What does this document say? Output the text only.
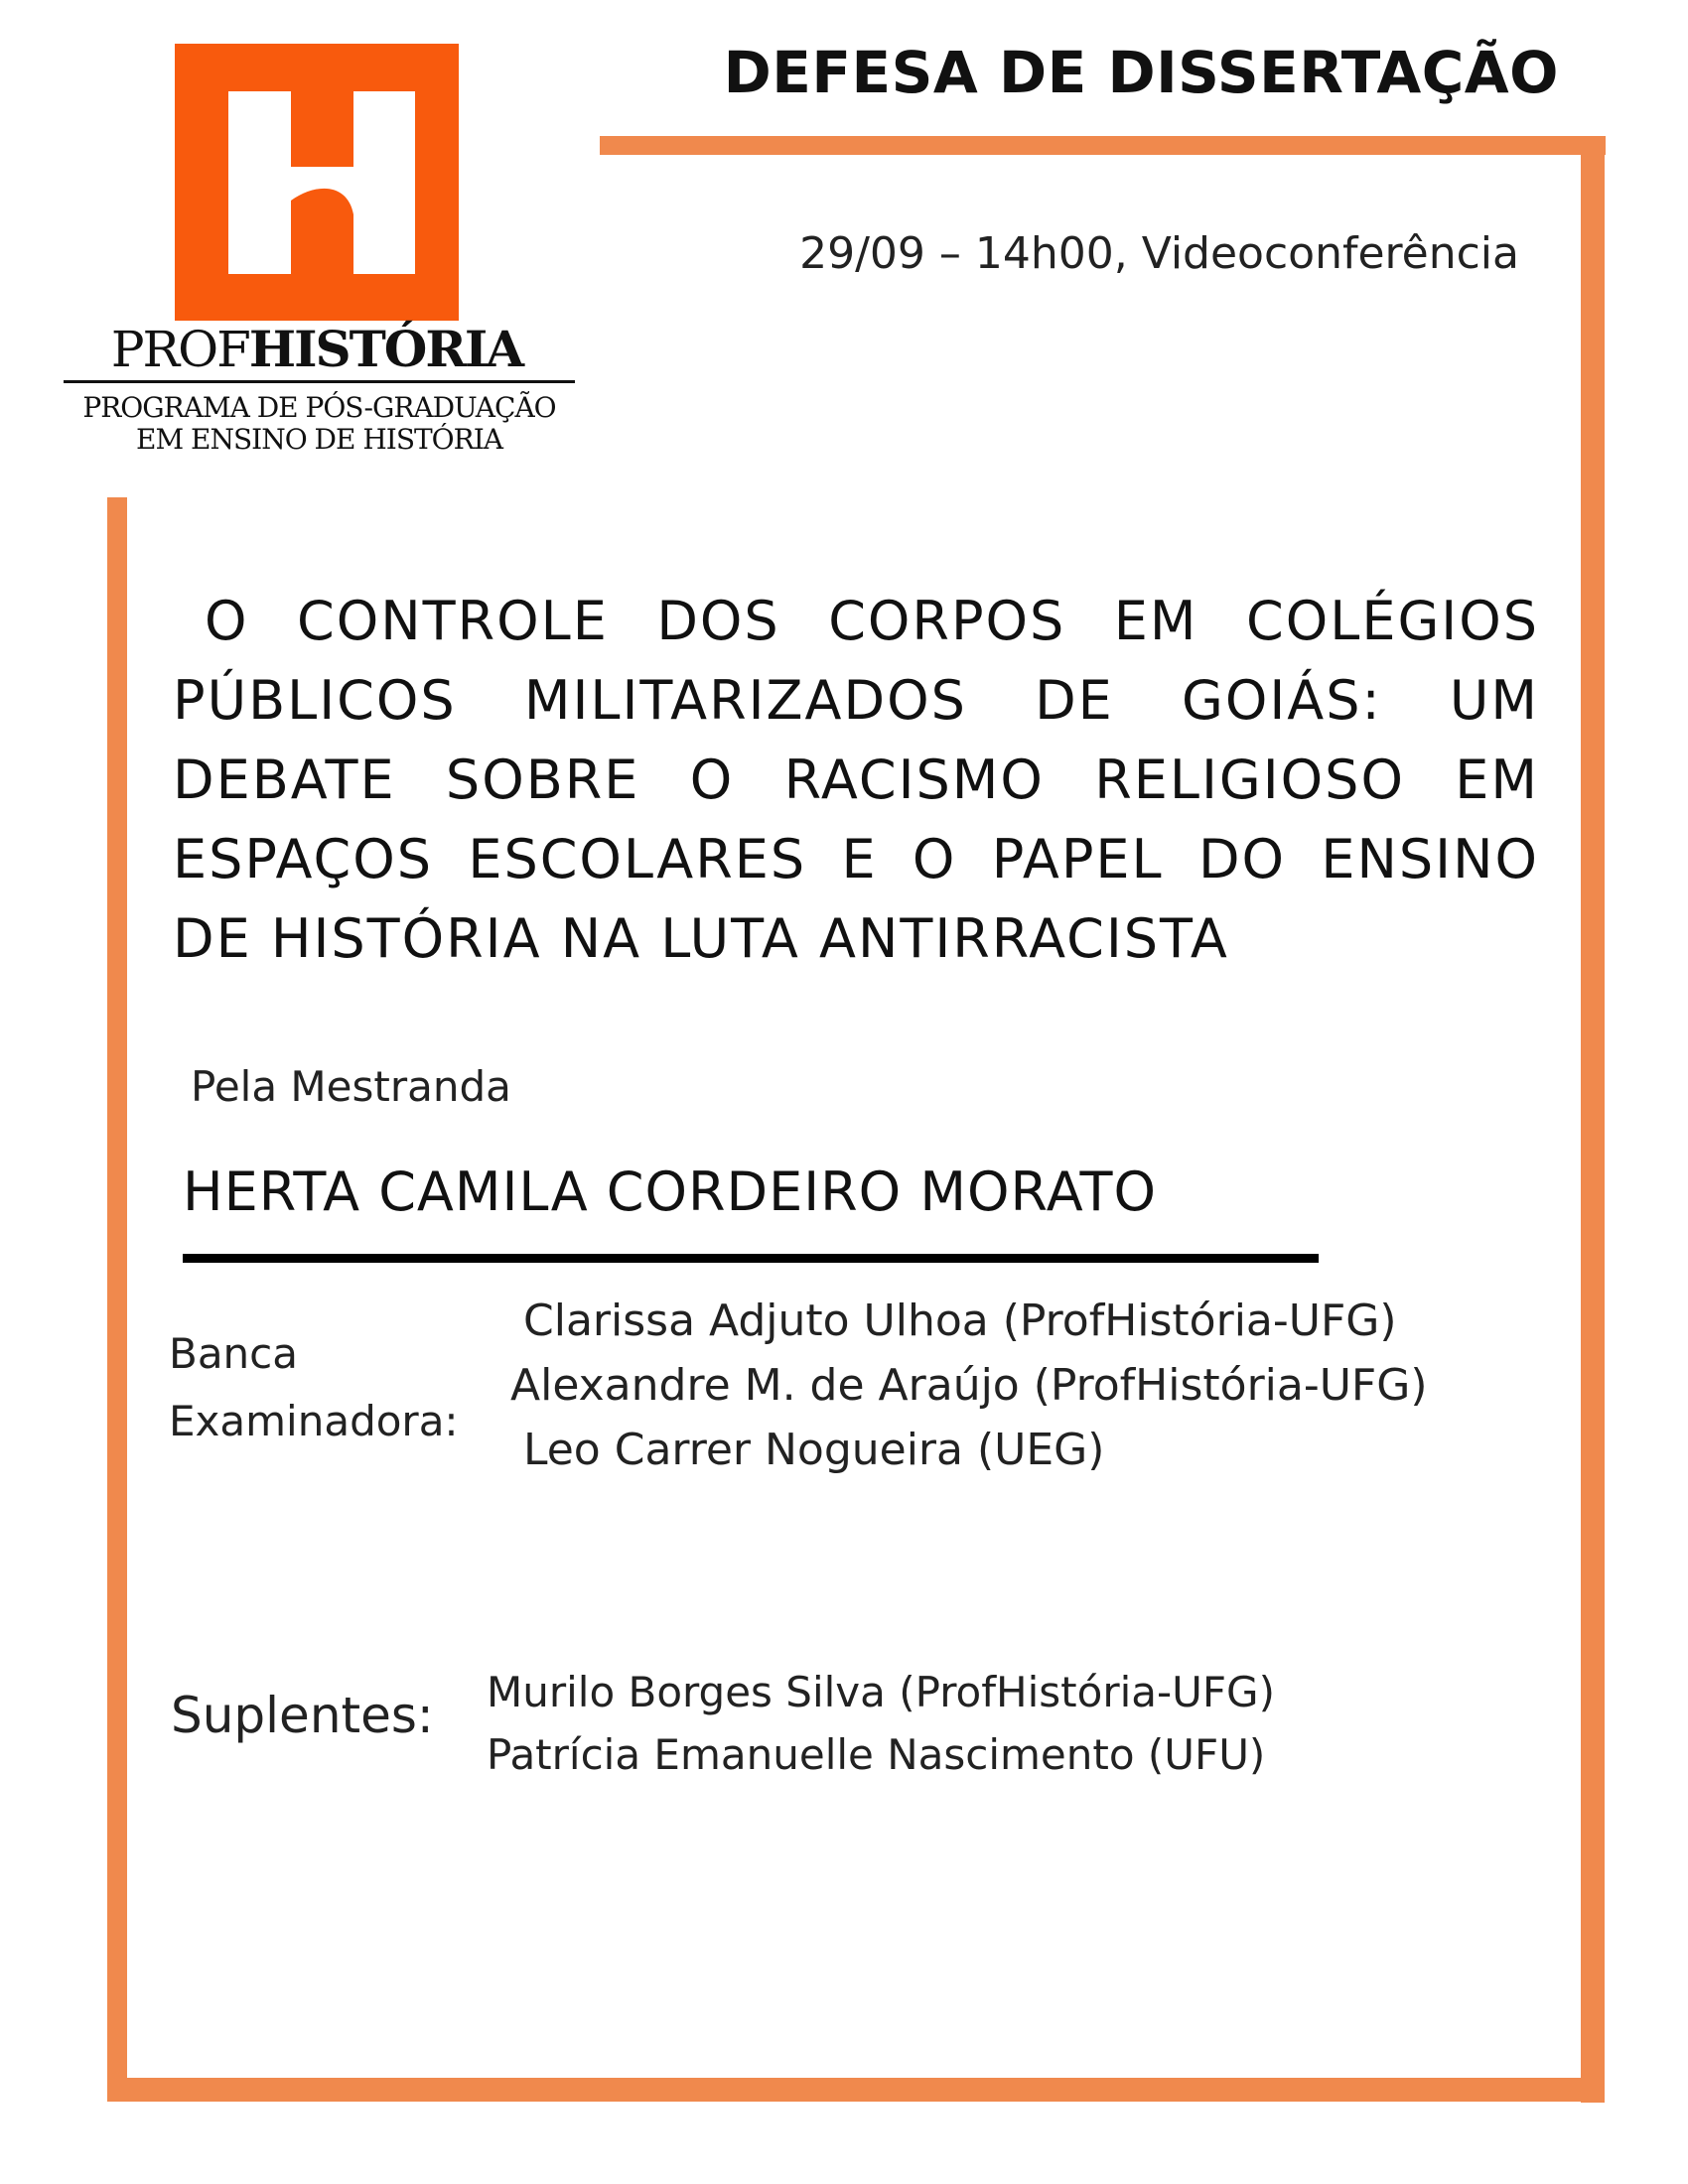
PROFHISTÓRIA
PROGRAMA DE PÓS-GRADUAÇÃO
EM ENSINO DE HISTÓRIA
DEFESA DE DISSERTAÇÃO
29/09 – 14h00, Videoconferência

O CONTROLE DOS CORPOS EM COLÉGIOS PÚBLICOS MILITARIZADOS DE GOIÁS: UM DEBATE SOBRE O RACISMO RELIGIOSO EM ESPAÇOS ESCOLARES E O PAPEL DO ENSINO DE HISTÓRIA NA LUTA ANTIRRACISTA

Pela Mestranda
HERTA CAMILA CORDEIRO MORATO
Banca
Examinadora:
Clarissa Adjuto Ulhoa (ProfHistória-UFG)
Alexandre M. de Araújo (ProfHistória-UFG)
Leo Carrer Nogueira (UEG)
Suplentes: Murilo Borges Silva (ProfHistória-UFG)
Patrícia Emanuelle Nascimento (UFU)
